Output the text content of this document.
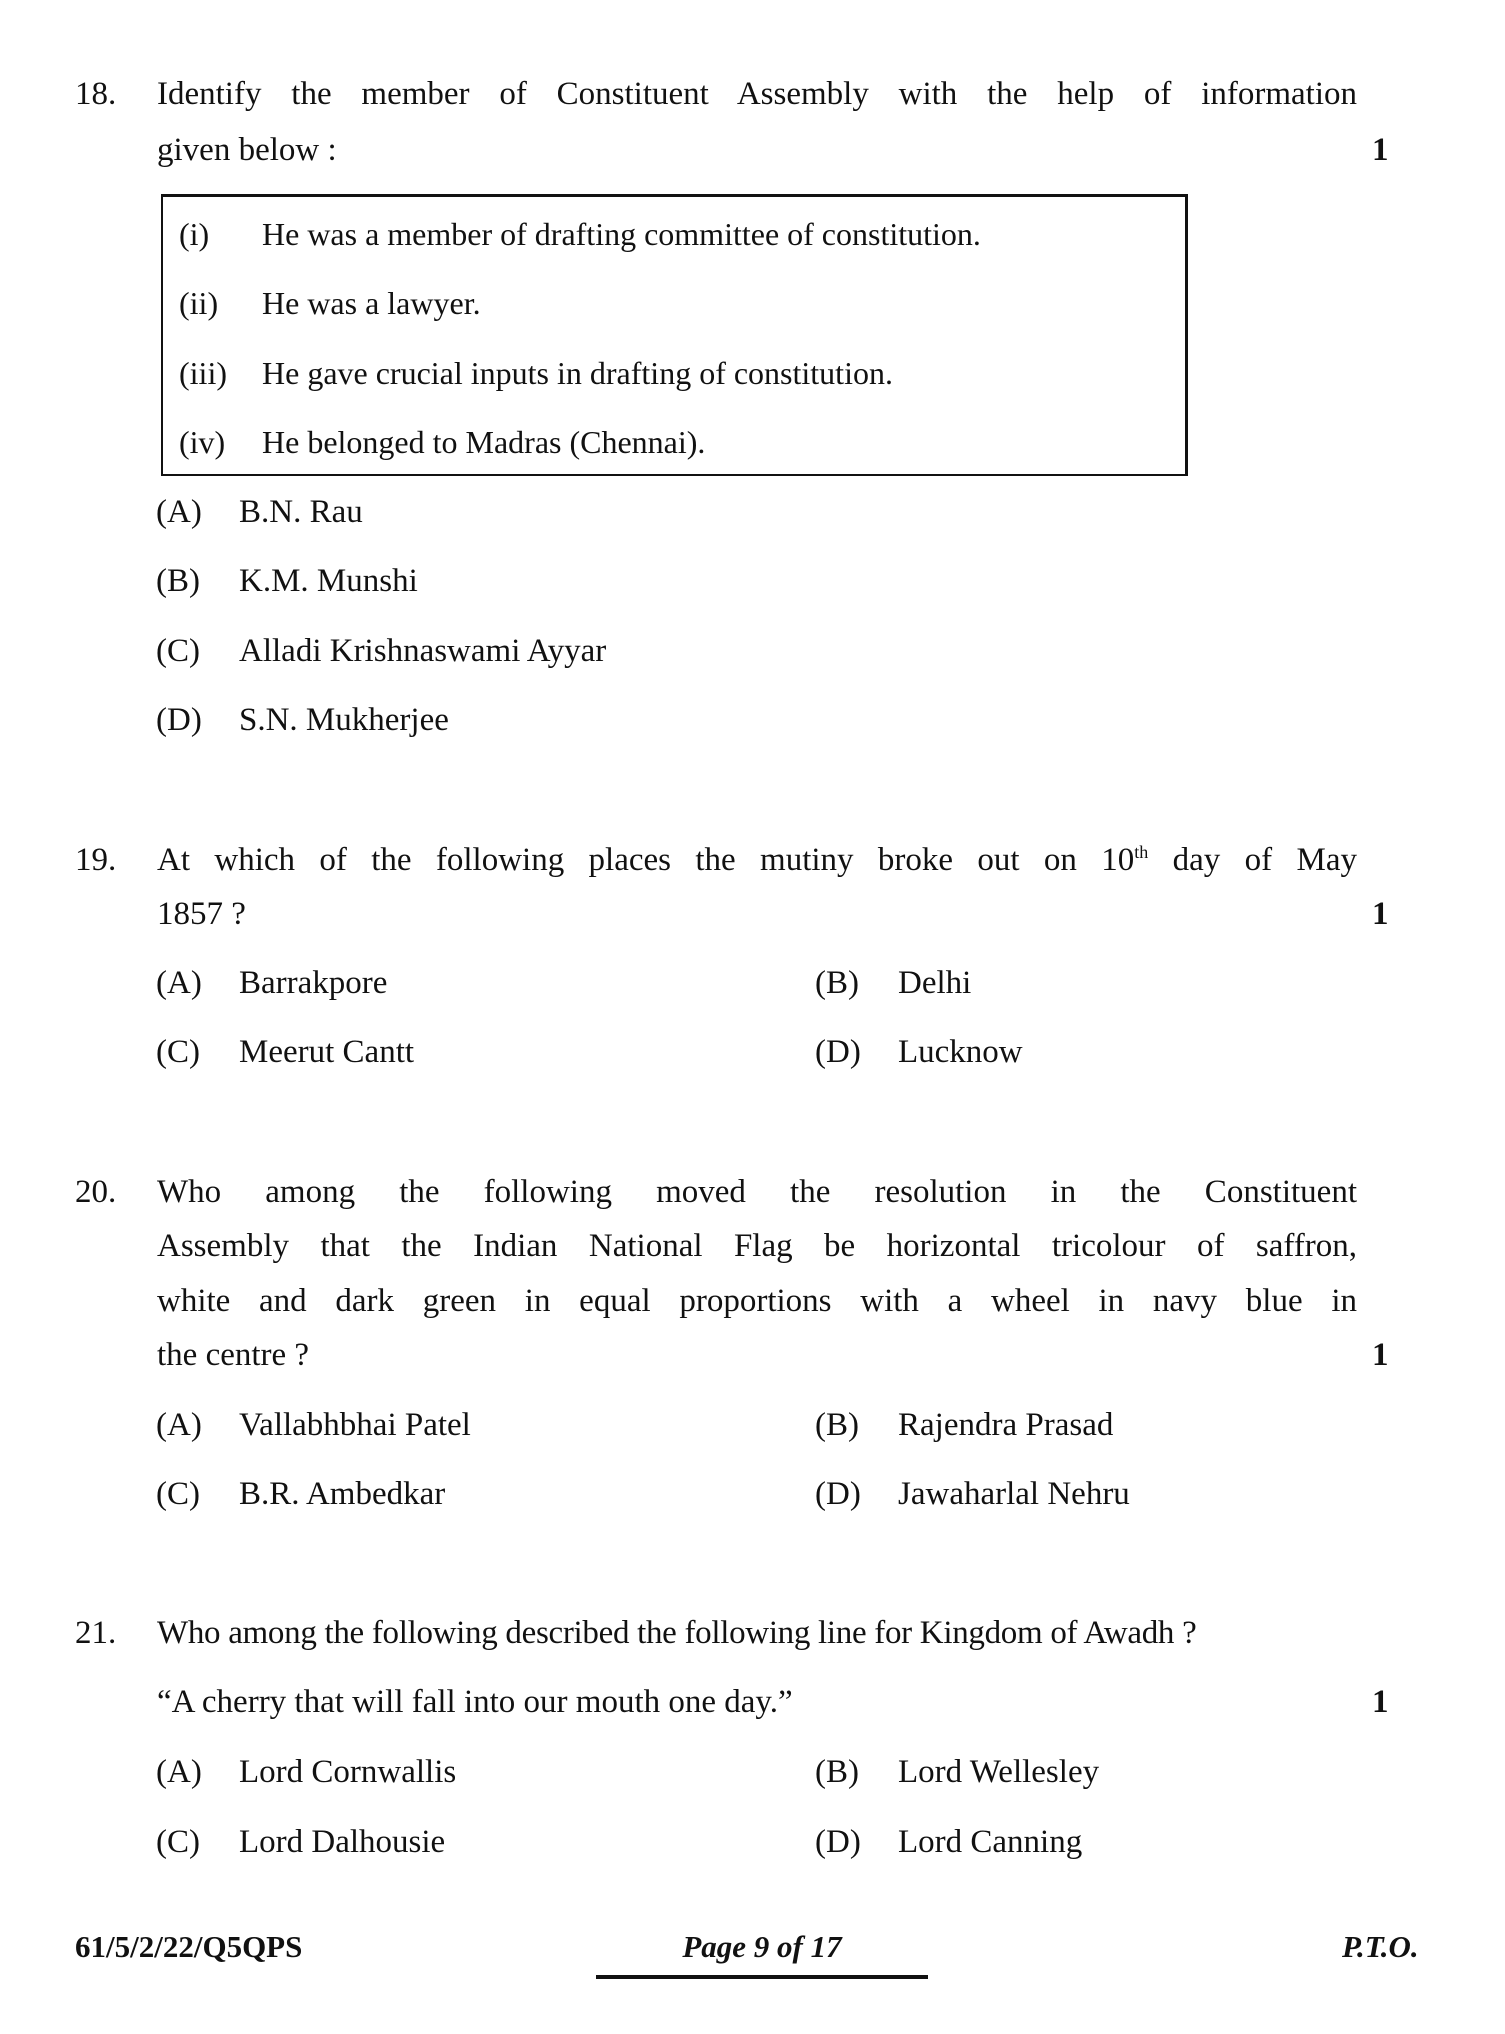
18. Identify the member of Constituent Assembly with the help of information
given below :	1
(i) He was a member of drafting committee of constitution.
(ii) He was a lawyer.
(iii) He gave crucial inputs in drafting of constitution.
(iv) He belonged to Madras (Chennai).
(A) B.N. Rau
(B) K.M. Munshi
(C) Alladi Krishnaswami Ayyar
(D) S.N. Mukherjee
19. At which of the following places the mutiny broke out on 10th day of May
1857 ?	1
(A) Barrakpore	(B) Delhi
(C) Meerut Cantt	(D) Lucknow
20. Who among the following moved the resolution in the Constituent
Assembly that the Indian National Flag be horizontal tricolour of saffron,
white and dark green in equal proportions with a wheel in navy blue in
the centre ?	1
(A) Vallabhbhai Patel	(B) Rajendra Prasad
(C) B.R. Ambedkar	(D) Jawaharlal Nehru
21. Who among the following described the following line for Kingdom of Awadh ?
“A cherry that will fall into our mouth one day.”	1
(A) Lord Cornwallis	(B) Lord Wellesley
(C) Lord Dalhousie	(D) Lord Canning
61/5/2/22/Q5QPS	Page 9 of 17	P.T.O.
